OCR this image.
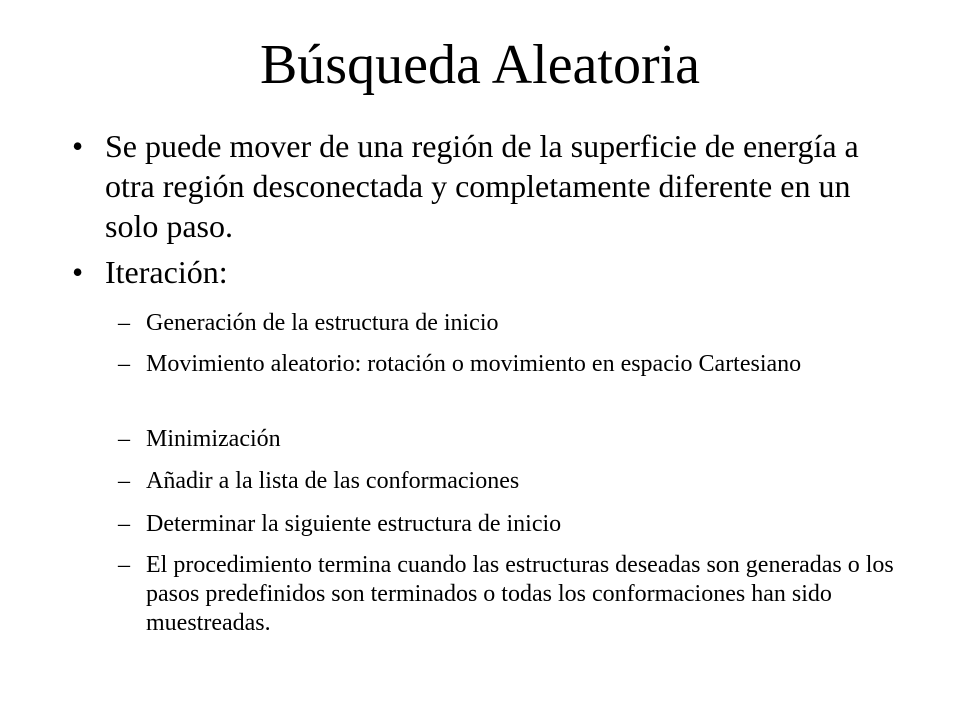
Búsqueda Aleatoria
• Se puede mover de una región de la superficie de energía a otra región desconectada y completamente diferente en un solo paso.
• Iteración:
– Generación de la estructura de inicio
– Movimiento aleatorio: rotación o movimiento en espacio Cartesiano
– Minimización
– Añadir a la lista de las conformaciones
– Determinar la siguiente estructura de inicio
– El procedimiento termina cuando las estructuras deseadas son generadas o los pasos predefinidos son terminados o todas los conformaciones han sido muestreadas.
